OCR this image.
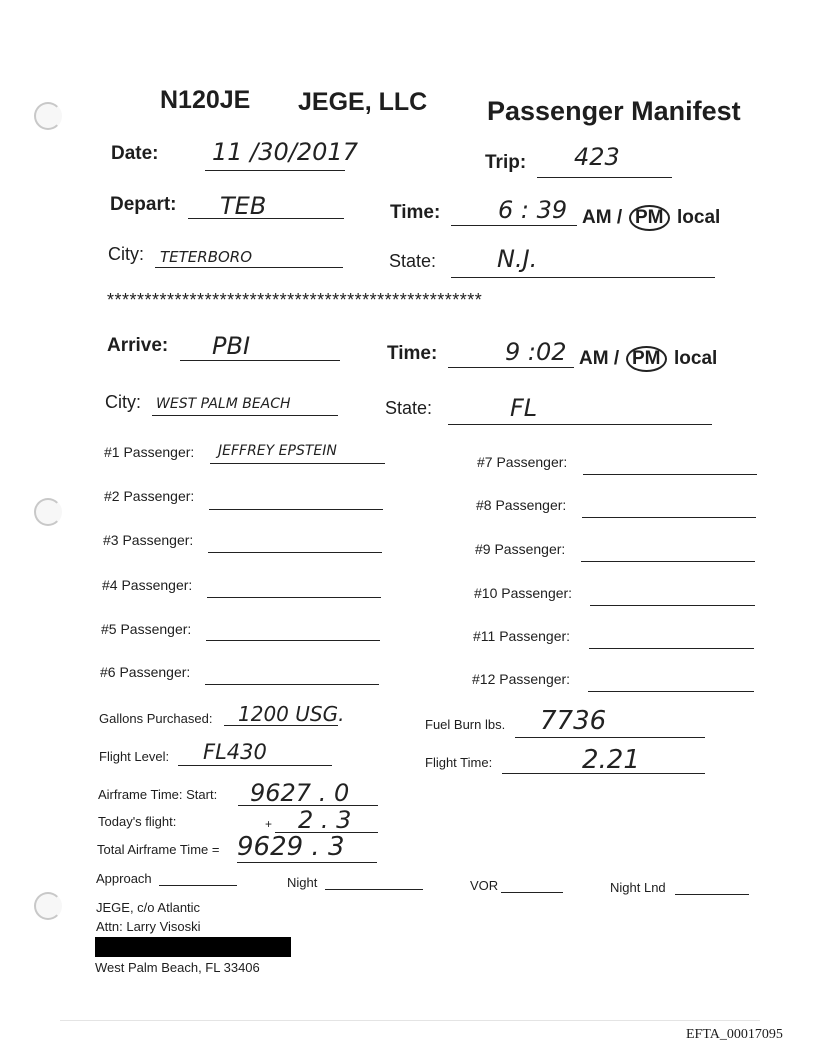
N120JE JEGE, LLC Passenger Manifest
Date: 11 /30/2017	Trip: 423
Depart: TEB	Time: 6 : 39 AM / PM local
City: TETERBORO	State:	N.J.
**************************************************
Arrive: PBI	Time:	9 :02 AM / PM local
City: WEST PALM BEACH	State:	FL
#1 Passenger: JEFFREY EPSTEIN
#2 Passenger:
#3 Passenger:
#4 Passenger:
#5 Passenger:
#6 Passenger:
#7 Passenger:
#8 Passenger:
#9 Passenger:
#10 Passenger:
#11 Passenger:
#12 Passenger:
Gallons Purchased: 1200 USG.	Fuel Burn lbs. 7736
Flight Level: FL430	Flight Time:	2.21
Airframe Time: Start: 9627 . 0
Today's flight:	+ 2 . 3
Total Airframe Time = 9629 . 3
Approach	Night	VOR	Night Lnd
JEGE, c/o Atlantic
Attn: Larry Visoski
West Palm Beach, FL 33406
EFTA_00017095
